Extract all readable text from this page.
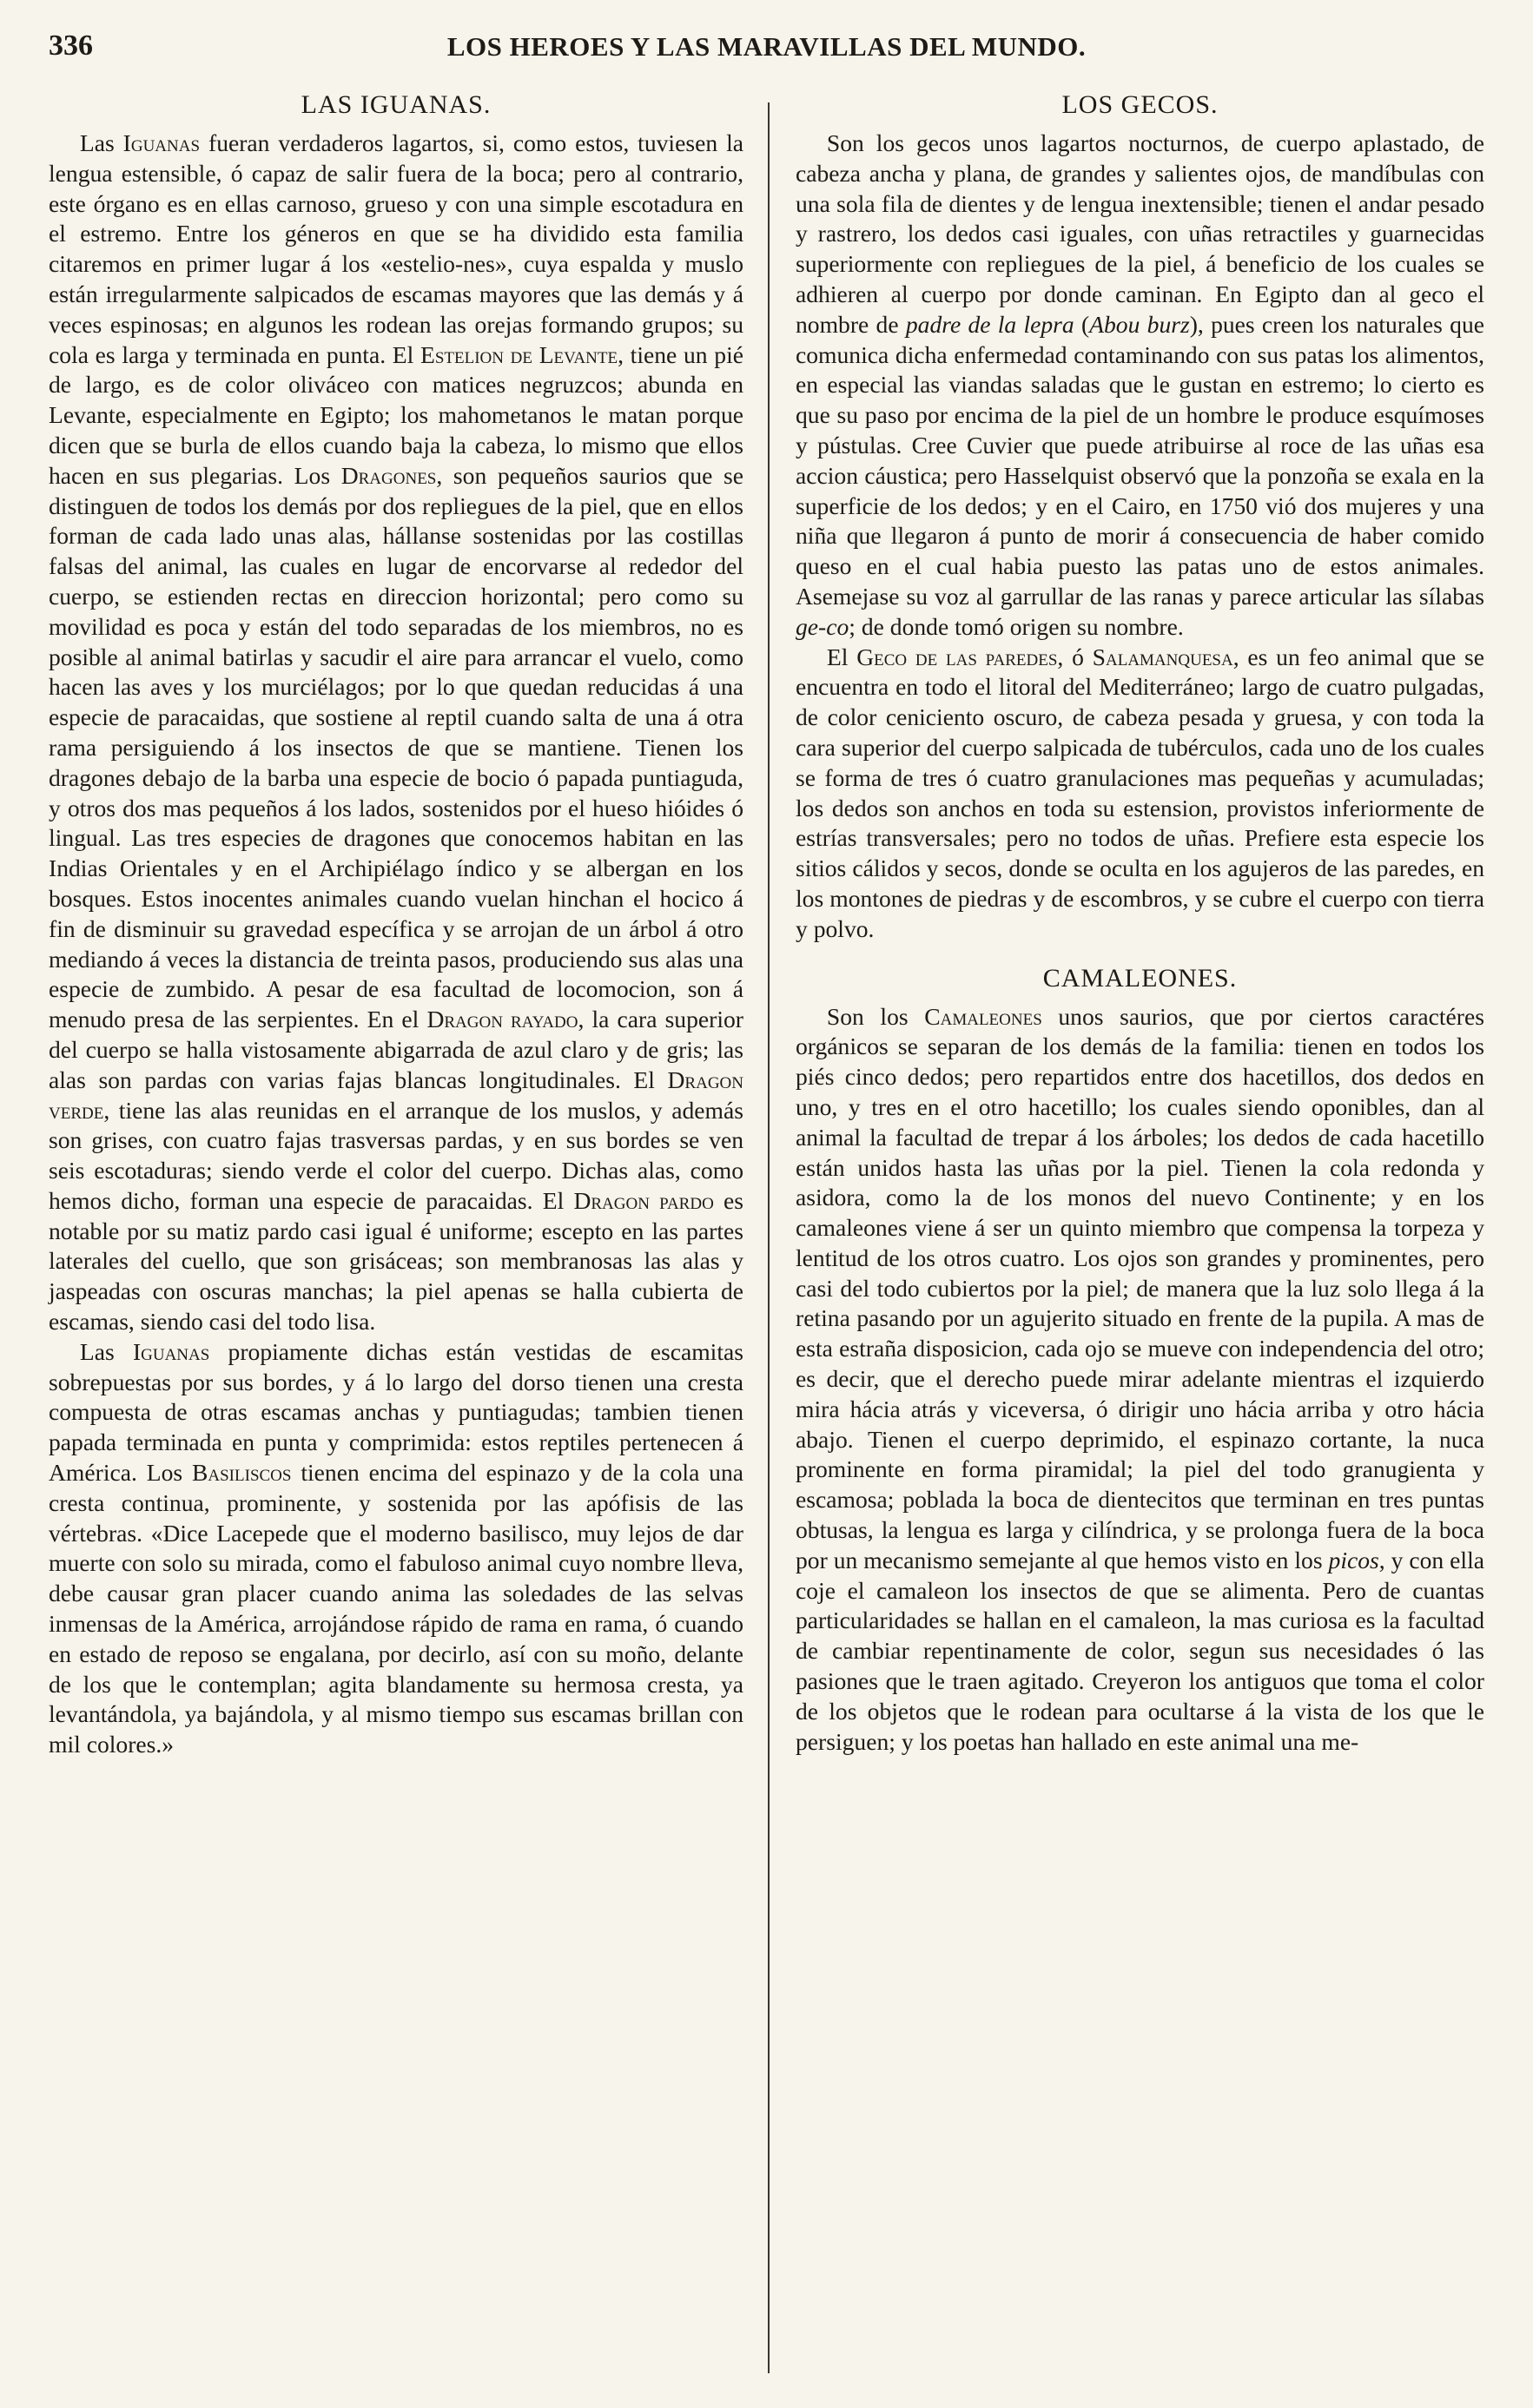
336	LOS HEROES Y LAS MARAVILLAS DEL MUNDO.
LAS IGUANAS.

Las Iguanas fueran verdaderos lagartos, si, como estos, tuviesen la lengua estensible, ó capaz de salir fuera de la boca; pero al contrario, este órgano es en ellas carnoso, grueso y con una simple escotadura en el estremo. Entre los géneros en que se ha dividido esta familia citaremos en primer lugar á los «estelio-nes», cuya espalda y muslo están irregularmente salpicados de escamas mayores que las demás y á veces espinosas; en algunos les rodean las orejas formando grupos; su cola es larga y terminada en punta. El Estelion de Levante, tiene un pié de largo, es de color oliváceo con matices negruzcos; abunda en Levante, especialmente en Egipto; los mahometanos le matan porque dicen que se burla de ellos cuando baja la cabeza, lo mismo que ellos hacen en sus plegarias. Los Dragones, son pequeños saurios que se distinguen de todos los demás por dos repliegues de la piel, que en ellos forman de cada lado unas alas, hállanse sostenidas por las costillas falsas del animal, las cuales en lugar de encorvarse al rededor del cuerpo, se estienden rectas en direccion horizontal; pero como su movilidad es poca y están del todo separadas de los miembros, no es posible al animal batirlas y sacudir el aire para arrancar el vuelo, como hacen las aves y los murciélagos; por lo que quedan reducidas á una especie de paracaidas, que sostiene al reptil cuando salta de una á otra rama persiguiendo á los insectos de que se mantiene. Tienen los dragones debajo de la barba una especie de bocio ó papada puntiaguda, y otros dos mas pequeños á los lados, sostenidos por el hueso hióides ó lingual. Las tres especies de dragones que conocemos habitan en las Indias Orientales y en el Archipiélago índico y se albergan en los bosques. Estos inocentes animales cuando vuelan hinchan el hocico á fin de disminuir su gravedad específica y se arrojan de un árbol á otro mediando á veces la distancia de treinta pasos, produciendo sus alas una especie de zumbido. A pesar de esa facultad de locomocion, son á menudo presa de las serpientes. En el Dragon rayado, la cara superior del cuerpo se halla vistosamente abigarrada de azul claro y de gris; las alas son pardas con varias fajas blancas longitudinales. El Dragon verde, tiene las alas reunidas en el arranque de los muslos, y además son grises, con cuatro fajas trasversas pardas, y en sus bordes se ven seis escotaduras; siendo verde el color del cuerpo. Dichas alas, como hemos dicho, forman una especie de paracaidas. El Dragon pardo es notable por su matiz pardo casi igual é uniforme; escepto en las partes laterales del cuello, que son grisáceas; son membranosas las alas y jaspeadas con oscuras manchas; la piel apenas se halla cubierta de escamas, siendo casi del todo lisa.

Las Iguanas propiamente dichas están vestidas de escamitas sobrepuestas por sus bordes, y á lo largo del dorso tienen una cresta compuesta de otras escamas anchas y puntiagudas; tambien tienen papada terminada en punta y comprimida: estos reptiles pertenecen á América. Los Basiliscos tienen encima del espinazo y de la cola una cresta continua, prominente, y sostenida por las apófisis de las vértebras. «Dice Lacepede que el moderno basilisco, muy lejos de dar muerte con solo su mirada, como el fabuloso animal cuyo nombre lleva, debe causar gran placer cuando anima las soledades de las selvas inmensas de la América, arrojándose rápido de rama en rama, ó cuando en estado de reposo se engalana, por decirlo, así con su moño, delante de los que le contemplan; agita blandamente su hermosa cresta, ya levantándola, ya bajándola, y al mismo tiempo sus escamas brillan con mil colores.»

LOS GECOS.

Son los gecos unos lagartos nocturnos, de cuerpo aplastado, de cabeza ancha y plana, de grandes y salientes ojos, de mandíbulas con una sola fila de dientes y de lengua inextensible; tienen el andar pesado y rastrero, los dedos casi iguales, con uñas retractiles y guarnecidas superiormente con repliegues de la piel, á beneficio de los cuales se adhieren al cuerpo por donde caminan. En Egipto dan al geco el nombre de padre de la lepra (Abou burz), pues creen los naturales que comunica dicha enfermedad contaminando con sus patas los alimentos, en especial las viandas saladas que le gustan en estremo; lo cierto es que su paso por encima de la piel de un hombre le produce esquímoses y pústulas. Cree Cuvier que puede atribuirse al roce de las uñas esa accion cáustica; pero Hasselquist observó que la ponzoña se exala en la superficie de los dedos; y en el Cairo, en 1750 vió dos mujeres y una niña que llegaron á punto de morir á consecuencia de haber comido queso en el cual habia puesto las patas uno de estos animales. Asemejase su voz al garrullar de las ranas y parece articular las sílabas ge-co; de donde tomó origen su nombre.

El Geco de las paredes, ó Salamanquesa, es un feo animal que se encuentra en todo el litoral del Mediterráneo; largo de cuatro pulgadas, de color ceniciento oscuro, de cabeza pesada y gruesa, y con toda la cara superior del cuerpo salpicada de tubérculos, cada uno de los cuales se forma de tres ó cuatro granulaciones mas pequeñas y acumuladas; los dedos son anchos en toda su estension, provistos inferiormente de estrías transversales; pero no todos de uñas. Prefiere esta especie los sitios cálidos y secos, donde se oculta en los agujeros de las paredes, en los montones de piedras y de escombros, y se cubre el cuerpo con tierra y polvo.

CAMALEONES.

Son los Camaleones unos saurios, que por ciertos caractéres orgánicos se separan de los demás de la familia: tienen en todos los piés cinco dedos; pero repartidos entre dos hacetillos, dos dedos en uno, y tres en el otro hacetillo; los cuales siendo oponibles, dan al animal la facultad de trepar á los árboles; los dedos de cada hacetillo están unidos hasta las uñas por la piel. Tienen la cola redonda y asidora, como la de los monos del nuevo Continente; y en los camaleones viene á ser un quinto miembro que compensa la torpeza y lentitud de los otros cuatro. Los ojos son grandes y prominentes, pero casi del todo cubiertos por la piel; de manera que la luz solo llega á la retina pasando por un agujerito situado en frente de la pupila. A mas de esta estraña disposicion, cada ojo se mueve con independencia del otro; es decir, que el derecho puede mirar adelante mientras el izquierdo mira hácia atrás y viceversa, ó dirigir uno hácia arriba y otro hácia abajo. Tienen el cuerpo deprimido, el espinazo cortante, la nuca prominente en forma piramidal; la piel del todo granugienta y escamosa; poblada la boca de dientecitos que terminan en tres puntas obtusas, la lengua es larga y cilíndrica, y se prolonga fuera de la boca por un mecanismo semejante al que hemos visto en los picos, y con ella coje el camaleon los insectos de que se alimenta. Pero de cuantas particularidades se hallan en el camaleon, la mas curiosa es la facultad de cambiar repentinamente de color, segun sus necesidades ó las pasiones que le traen agitado. Creyeron los antiguos que toma el color de los objetos que le rodean para ocultarse á la vista de los que le persiguen; y los poetas han hallado en este animal una me-
